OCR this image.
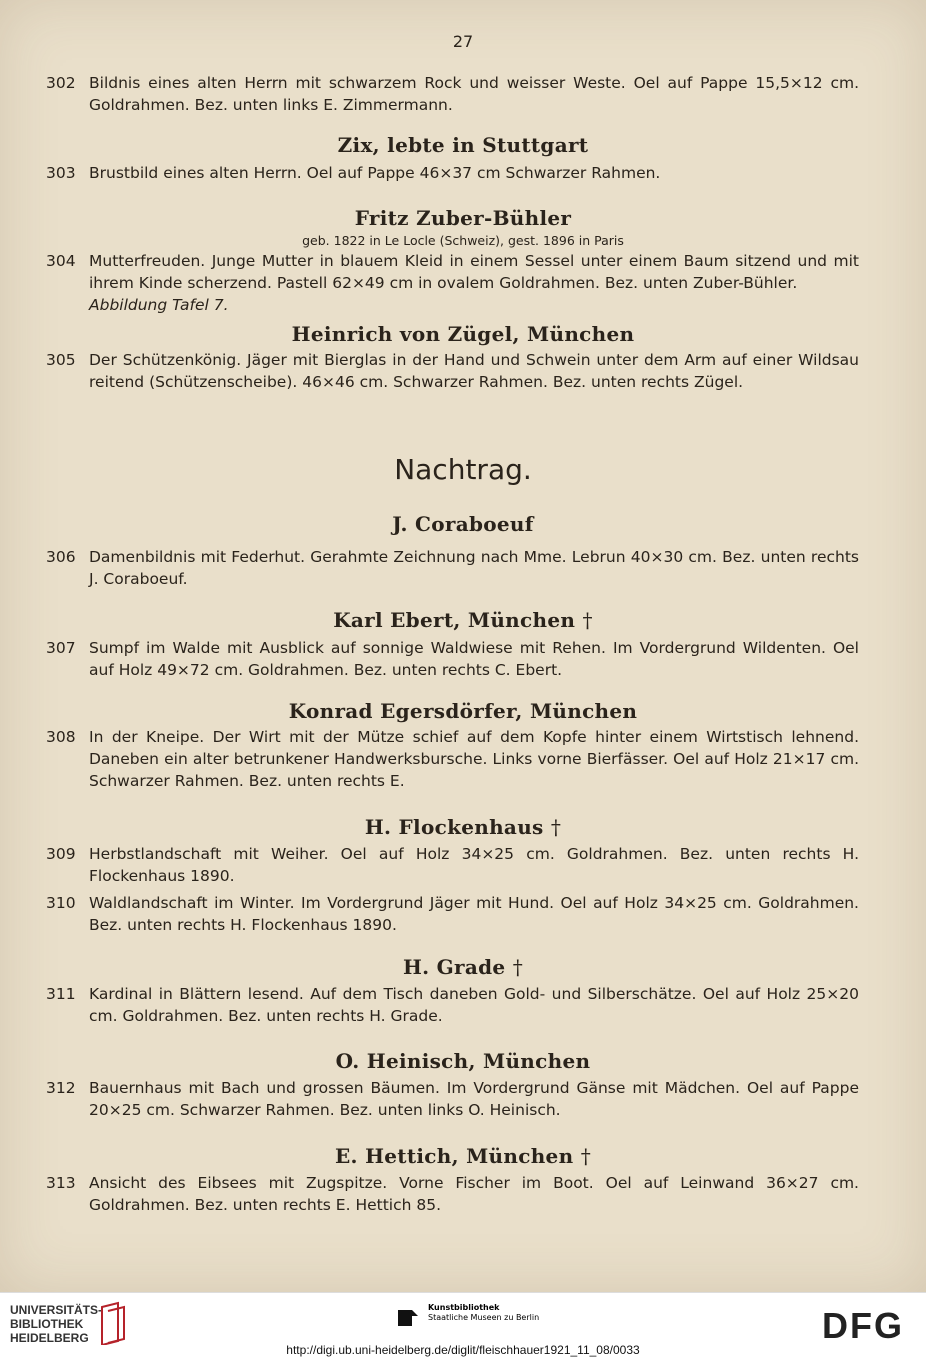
27
302 Bildnis eines alten Herrn mit schwarzem Rock und weisser Weste. Oel auf Pappe 15,5×12 cm. Goldrahmen. Bez. unten links E. Zimmermann.
Zix, lebte in Stuttgart
303 Brustbild eines alten Herrn. Oel auf Pappe 46×37 cm Schwarzer Rahmen.
Fritz Zuber-Bühler
geb. 1822 in Le Locle (Schweiz), gest. 1896 in Paris
304 Mutterfreuden. Junge Mutter in blauem Kleid in einem Sessel unter einem Baum sitzend und mit ihrem Kinde scherzend. Pastell 62×49 cm in ovalem Goldrahmen. Bez. unten Zuber-Bühler.
Abbildung Tafel 7.
Heinrich von Zügel, München
305 Der Schützenkönig. Jäger mit Bierglas in der Hand und Schwein unter dem Arm auf einer Wildsau reitend (Schützenscheibe). 46×46 cm. Schwarzer Rahmen. Bez. unten rechts Zügel.
Nachtrag.
J. Coraboeuf
306 Damenbildnis mit Federhut. Gerahmte Zeichnung nach Mme. Lebrun 40×30 cm. Bez. unten rechts J. Coraboeuf.
Karl Ebert, München †
307 Sumpf im Walde mit Ausblick auf sonnige Waldwiese mit Rehen. Im Vordergrund Wildenten. Oel auf Holz 49×72 cm. Goldrahmen. Bez. unten rechts C. Ebert.
Konrad Egersdörfer, München
308 In der Kneipe. Der Wirt mit der Mütze schief auf dem Kopfe hinter einem Wirtstisch lehnend. Daneben ein alter betrunkener Handwerksbursche. Links vorne Bierfässer. Oel auf Holz 21×17 cm. Schwarzer Rahmen. Bez. unten rechts E.
H. Flockenhaus †
309 Herbstlandschaft mit Weiher. Oel auf Holz 34×25 cm. Goldrahmen. Bez. unten rechts H. Flockenhaus 1890.
310 Waldlandschaft im Winter. Im Vordergrund Jäger mit Hund. Oel auf Holz 34×25 cm. Goldrahmen. Bez. unten rechts H. Flockenhaus 1890.
H. Grade †
311 Kardinal in Blättern lesend. Auf dem Tisch daneben Gold- und Silberschätze. Oel auf Holz 25×20 cm. Goldrahmen. Bez. unten rechts H. Grade.
O. Heinisch, München
312 Bauernhaus mit Bach und grossen Bäumen. Im Vordergrund Gänse mit Mädchen. Oel auf Pappe 20×25 cm. Schwarzer Rahmen. Bez. unten links O. Heinisch.
E. Hettich, München †
313 Ansicht des Eibsees mit Zugspitze. Vorne Fischer im Boot. Oel auf Leinwand 36×27 cm. Goldrahmen. Bez. unten rechts E. Hettich 85.
UNIVERSITÄTS-
BIBLIOTHEK
HEIDELBERG
Kunstbibliothek
Staatliche Museen zu Berlin	DFG
http://digi.ub.uni-heidelberg.de/diglit/fleischhauer1921_11_08/0033
